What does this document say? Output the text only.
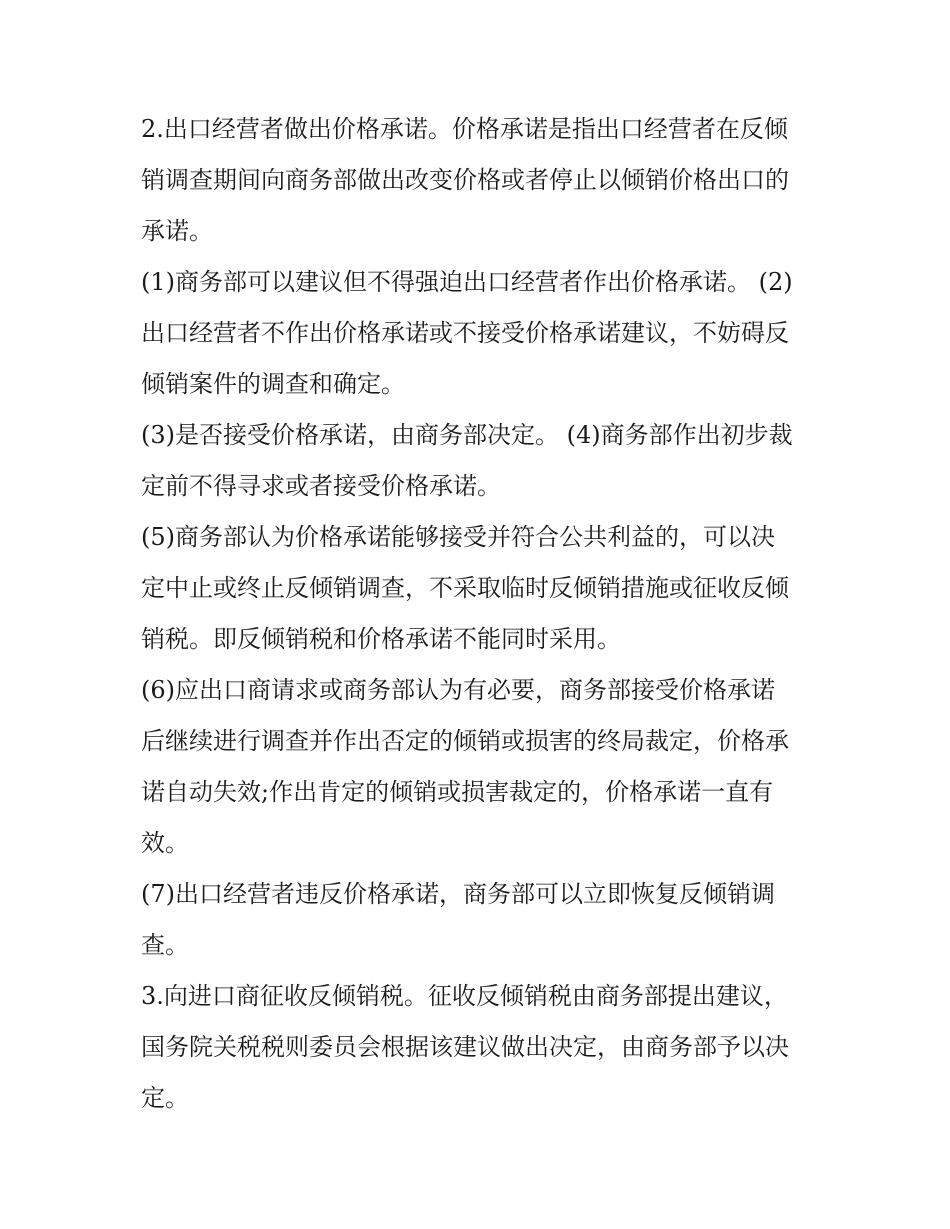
2.出口经营者做出价格承诺。价格承诺是指出口经营者在反倾
销调查期间向商务部做出改变价格或者停止以倾销价格出口的
承诺。

(1)商务部可以建议但不得强迫出口经营者作出价格承诺。 (2)
出口经营者不作出价格承诺或不接受价格承诺建议，不妨碍反
倾销案件的调查和确定。

(3)是否接受价格承诺，由商务部决定。 (4)商务部作出初步裁
定前不得寻求或者接受价格承诺。

(5)商务部认为价格承诺能够接受并符合公共利益的，可以决
定中止或终止反倾销调查，不采取临时反倾销措施或征收反倾
销税。即反倾销税和价格承诺不能同时采用。

(6)应出口商请求或商务部认为有必要，商务部接受价格承诺
后继续进行调查并作出否定的倾销或损害的终局裁定，价格承
诺自动失效;作出肯定的倾销或损害裁定的，价格承诺一直有
效。

(7)出口经营者违反价格承诺，商务部可以立即恢复反倾销调
查。

3.向进口商征收反倾销税。征收反倾销税由商务部提出建议，
国务院关税税则委员会根据该建议做出决定，由商务部予以决
定。
